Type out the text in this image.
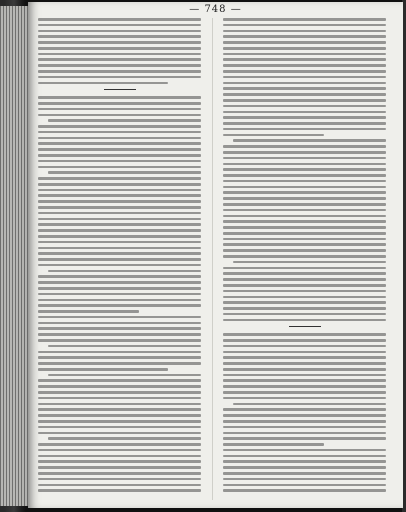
— 748 —
